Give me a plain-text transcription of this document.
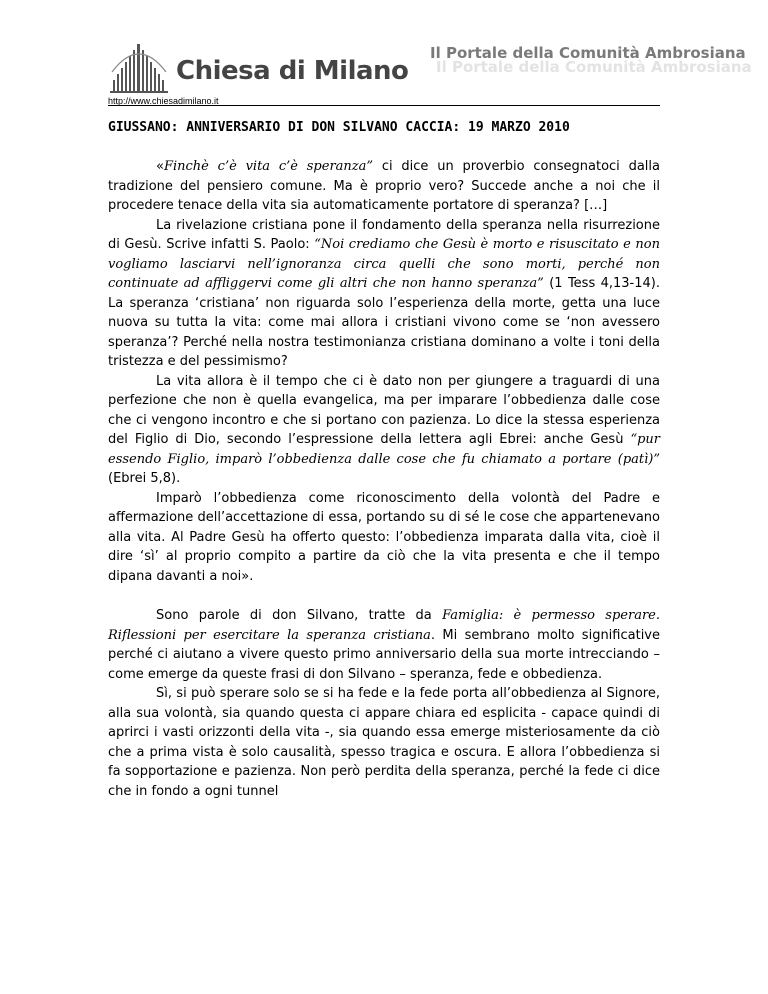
Chiesa di Milano Il Portale della Comunità Ambrosiana
Il Portale della Comunità Ambrosiana
http://www.chiesadimilano.it
GIUSSANO: ANNIVERSARIO DI DON SILVANO CACCIA: 19 MARZO 2010

«Finchè c’è vita c’è speranza” ci dice un proverbio consegnatoci dalla tradizione del pensiero comune. Ma è proprio vero? Succede anche a noi che il procedere tenace della vita sia automaticamente portatore di speranza? […]

La rivelazione cristiana pone il fondamento della speranza nella risurrezione di Gesù. Scrive infatti S. Paolo: “Noi crediamo che Gesù è morto e risuscitato e non vogliamo lasciarvi nell’ignoranza circa quelli che sono morti, perché non continuate ad affliggervi come gli altri che non hanno speranza” (1 Tess 4,13-14). La speranza ‘cristiana’ non riguarda solo l’esperienza della morte, getta una luce nuova su tutta la vita: come mai allora i cristiani vivono come se ‘non avessero speranza’? Perché nella nostra testimonianza cristiana dominano a volte i toni della tristezza e del pessimismo?

La vita allora è il tempo che ci è dato non per giungere a traguardi di una perfezione che non è quella evangelica, ma per imparare l’obbedienza dalle cose che ci vengono incontro e che si portano con pazienza. Lo dice la stessa esperienza del Figlio di Dio, secondo l’espressione della lettera agli Ebrei: anche Gesù “pur essendo Figlio, imparò l’obbedienza dalle cose che fu chiamato a portare (patì)” (Ebrei 5,8).

Imparò l’obbedienza come riconoscimento della volontà del Padre e affermazione dell’accettazione di essa, portando su di sé le cose che appartenevano alla vita. Al Padre Gesù ha offerto questo: l’obbedienza imparata dalla vita, cioè il dire ‘sì’ al proprio compito a partire da ciò che la vita presenta e che il tempo dipana davanti a noi».

Sono parole di don Silvano, tratte da Famiglia: è permesso sperare. Riflessioni per esercitare la speranza cristiana. Mi sembrano molto significative perché ci aiutano a vivere questo primo anniversario della sua morte intrecciando – come emerge da queste frasi di don Silvano – speranza, fede e obbedienza.

Sì, si può sperare solo se si ha fede e la fede porta all’obbedienza al Signore, alla sua volontà, sia quando questa ci appare chiara ed esplicita - capace quindi di aprirci i vasti orizzonti della vita -, sia quando essa emerge misteriosamente da ciò che a prima vista è solo causalità, spesso tragica e oscura. E allora l’obbedienza si fa sopportazione e pazienza. Non però perdita della speranza, perché la fede ci dice che in fondo a ogni tunnel
